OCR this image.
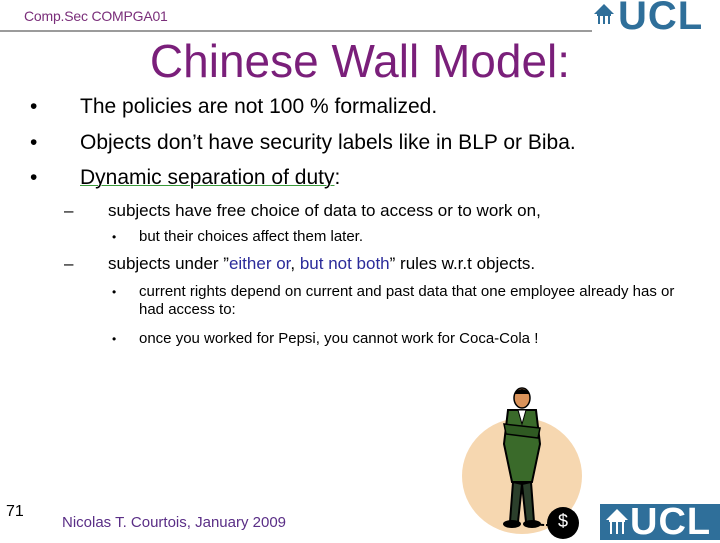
Comp.Sec COMPGA01	UCL
Chinese Wall Model:
• The policies are not 100 % formalized.
• Objects don’t have security labels like in BLP or Biba.
• Dynamic separation of duty:
– subjects have free choice of data to access or to work on,
• but their choices affect them later.
– subjects under ”either or, but not both” rules w.r.t objects.
• current rights depend on current and past data that one employee already has or had access to:
• once you worked for Pepsi, you cannot work for Coca-Cola !
$
71
Nicolas T. Courtois, January 2009	UCL
